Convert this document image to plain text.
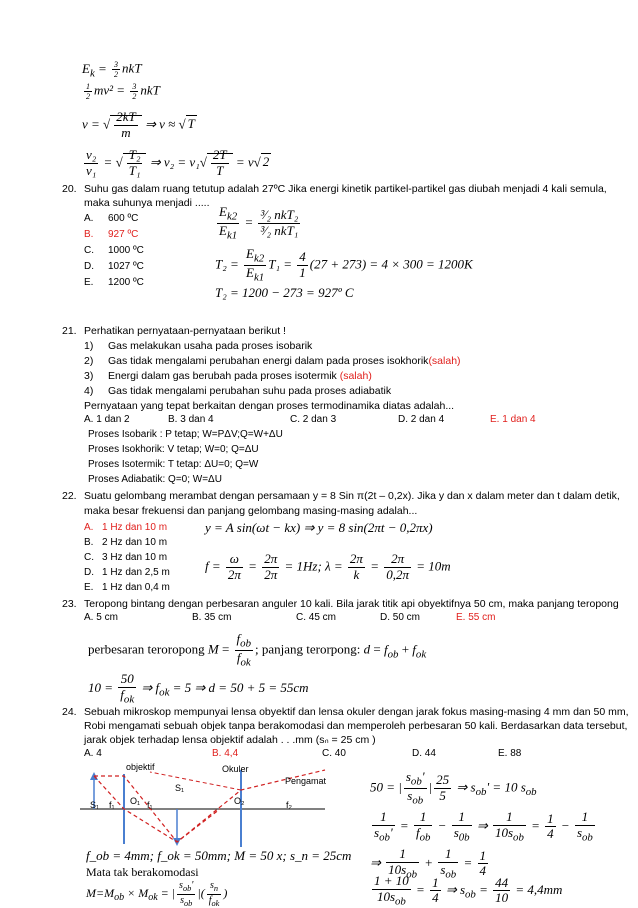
$E_k = \frac{3}{2}$ nkT
$\frac{1}{2} mv^2 = \frac{3}{2}$ nkT
v = √ $\frac{2kT}{m}$ ⇒ v ≈ √ T
$\frac{\text{v₂}}{\text{v₁}}$ = √ $\frac{\text{T₂}}{\text{T₁}}$ ⇒ $v_2 = v_1√ \frac{2T}{T} = v√$ 2
20. Suhu gas dalam ruang tetutup adalah 27ºC Jika energi kinetik partikel-partikel gas diubah menjadi 4 kali semula,
maka suhunya menjadi .....
A. 600 ºC
B. 927 ºC
C. 1000 ºC
D. 1027 ºC
E. 1200 ºC
$\frac{E_{k2}}{E_{k1}} = \frac{\text{³⁄₂ nkT₂}}{\text{³⁄₂ nkT₁}}$
$T_2 = \frac{E_{k2}}{E_{k1}} T_1 = \frac{4}{1} (27 + 273) = 4 \times 300 = 1200K$
T₂ = 1200 − 273 = 927º C
21. Perhatikan pernyataan-pernyataan berikut !
1) Gas melakukan usaha pada proses isobarik
2) Gas tidak mengalami perubahan energi dalam pada proses isokhorik(salah)
3) Energi dalam gas berubah pada proses isotermik (salah)
4) Gas tidak mengalami perubahan suhu pada proses adiabatik
Pernyataan yang tepat berkaitan dengan proses termodinamika diatas adalah...
A. 1 dan 2	B. 3 dan 4	C. 2 dan 3	D. 2 dan 4	E. 1 dan 4
Proses Isobarik : P tetap; W=PΔV;Q=W+ΔU
Proses Isokhorik: V tetap; W=0; Q=ΔU
Proses Isotermik: T tetap: ΔU=0; Q=W
Proses Adiabatik: Q=0; W=ΔU
22. Suatu gelombang merambat dengan persamaan y = 8 Sin π(2t – 0,2x). Jika y dan x dalam meter dan t dalam detik,
maka besar frekuensi dan panjang gelombang masing-masing adalah...
A. 1 Hz dan 10 m
B. 2 Hz dan 10 m
C. 3 Hz dan 10 m
D. 1 Hz dan 2,5 m
E. 1 Hz dan 0,4 m
y = A sin(ωt − kx) ⇒ y = 8 sin(2πt − 0,2πx)
$f = \frac{\omega}{2\pi} = \frac{2\pi}{2\pi} = 1Hz$; $\lambda = \frac{2\pi}{k} = \frac{2\pi}{0,2\pi} = 10m$
23. Teropong bintang dengan perbesaran anguler 10 kali. Bila jarak titik api obyektifnya 50 cm, maka panjang teropong
A. 5 cm	B. 35 cm	C. 45 cm	D. 50 cm	E. 55 cm
perbesaran teroropong $M = \frac{f_{ob}}{f_{ok}}$ ; panjang terorpong: $d = f_{ob} + f_{ok}$
$10 = \frac{50}{f_{ok}}$ ⇒ $f_{ok} = 5$ ⇒ d = 50 + 5 = 55cm
24. Sebuah mikroskop mempunyai lensa obyektif dan lensa okuler dengan jarak fokus masing-masing 4 mm dan 50 mm,
Robi mengamati sebuah objek tanpa berakomodasi dan memperoleh perbesaran 50 kali. Berdasarkan data tersebut,
jarak objek terhadap lensa objektif adalah . . .mm (sₙ = 25 cm )
A. 4	B. 4,4	C. 40	D. 44	E. 88
objektif	Okuler
Pengamat
S₁
S₁ f₁ O₁ f₁	O₂	f₂
f_ob = 4mm; f_ok = 50mm; M = 50 x; s_n = 25cm
Mata tak berakomodasi
$M=M_{ob} \times M_{ok}$ = | $\frac{s_{ob}'}{s_{ob}}$ |( $\frac{s_n}{f_{ok}}$ )
50 = | $\frac{s_{ob}'}{s_{ob}}$ | $\frac{25}{5}$ ⇒ $s_{ob}' = 10$ $s_{ob}$
$\frac{1}{s_{ob}'} = \frac{1}{f_{ob}} - \frac{1}{s_{0b}}$ ⇒ $\frac{1}{10s_{ob}} = \frac{1}{4} - \frac{1}{s_{ob}}$
⇒ $\frac{1}{10s_{ob}} + \frac{1}{s_{ob}} = \frac{1}{4}$
$\frac{1 + 10}{10s_{ob}} = \frac{1}{4}$ ⇒ $s_{ob} = \frac{44}{10} = 4,4mm$
